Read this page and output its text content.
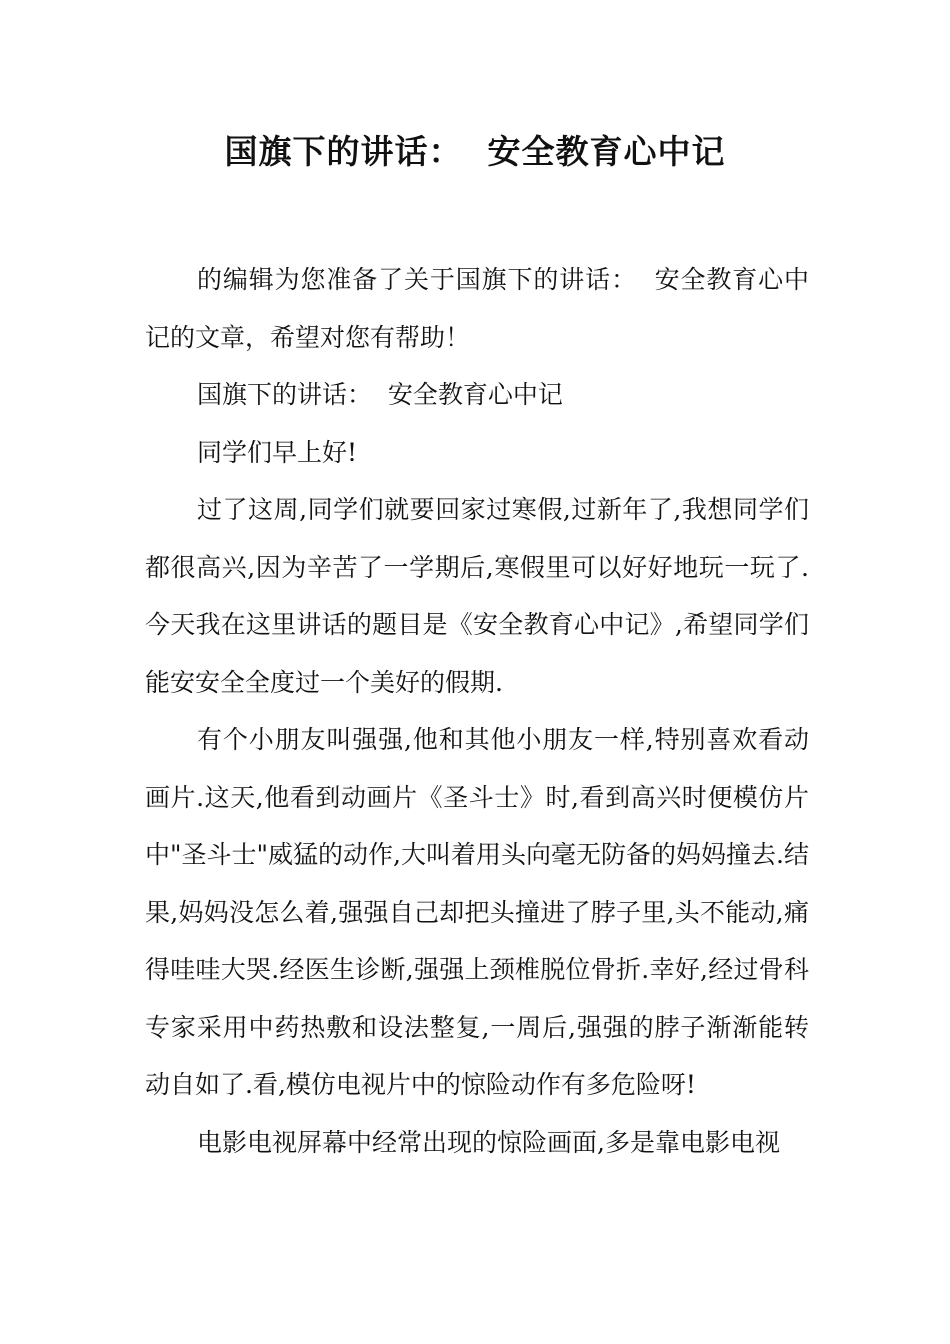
国旗下的讲话：  安全教育心中记

的编辑为您准备了关于国旗下的讲话：  安全教育心中记的文章，希望对您有帮助！

国旗下的讲话：  安全教育心中记

同学们早上好!

过了这周,同学们就要回家过寒假,过新年了,我想同学们都很高兴,因为辛苦了一学期后,寒假里可以好好地玩一玩了.今天我在这里讲话的题目是《安全教育心中记》,希望同学们能安安全全度过一个美好的假期.

有个小朋友叫强强,他和其他小朋友一样,特别喜欢看动画片.这天,他看到动画片《圣斗士》时,看到高兴时便模仿片中"圣斗士"威猛的动作,大叫着用头向毫无防备的妈妈撞去.结果,妈妈没怎么着,强强自己却把头撞进了脖子里,头不能动,痛得哇哇大哭.经医生诊断,强强上颈椎脱位骨折.幸好,经过骨科专家采用中药热敷和设法整复,一周后,强强的脖子渐渐能转动自如了.看,模仿电视片中的惊险动作有多危险呀!

电影电视屏幕中经常出现的惊险画面,多是靠电影电视
